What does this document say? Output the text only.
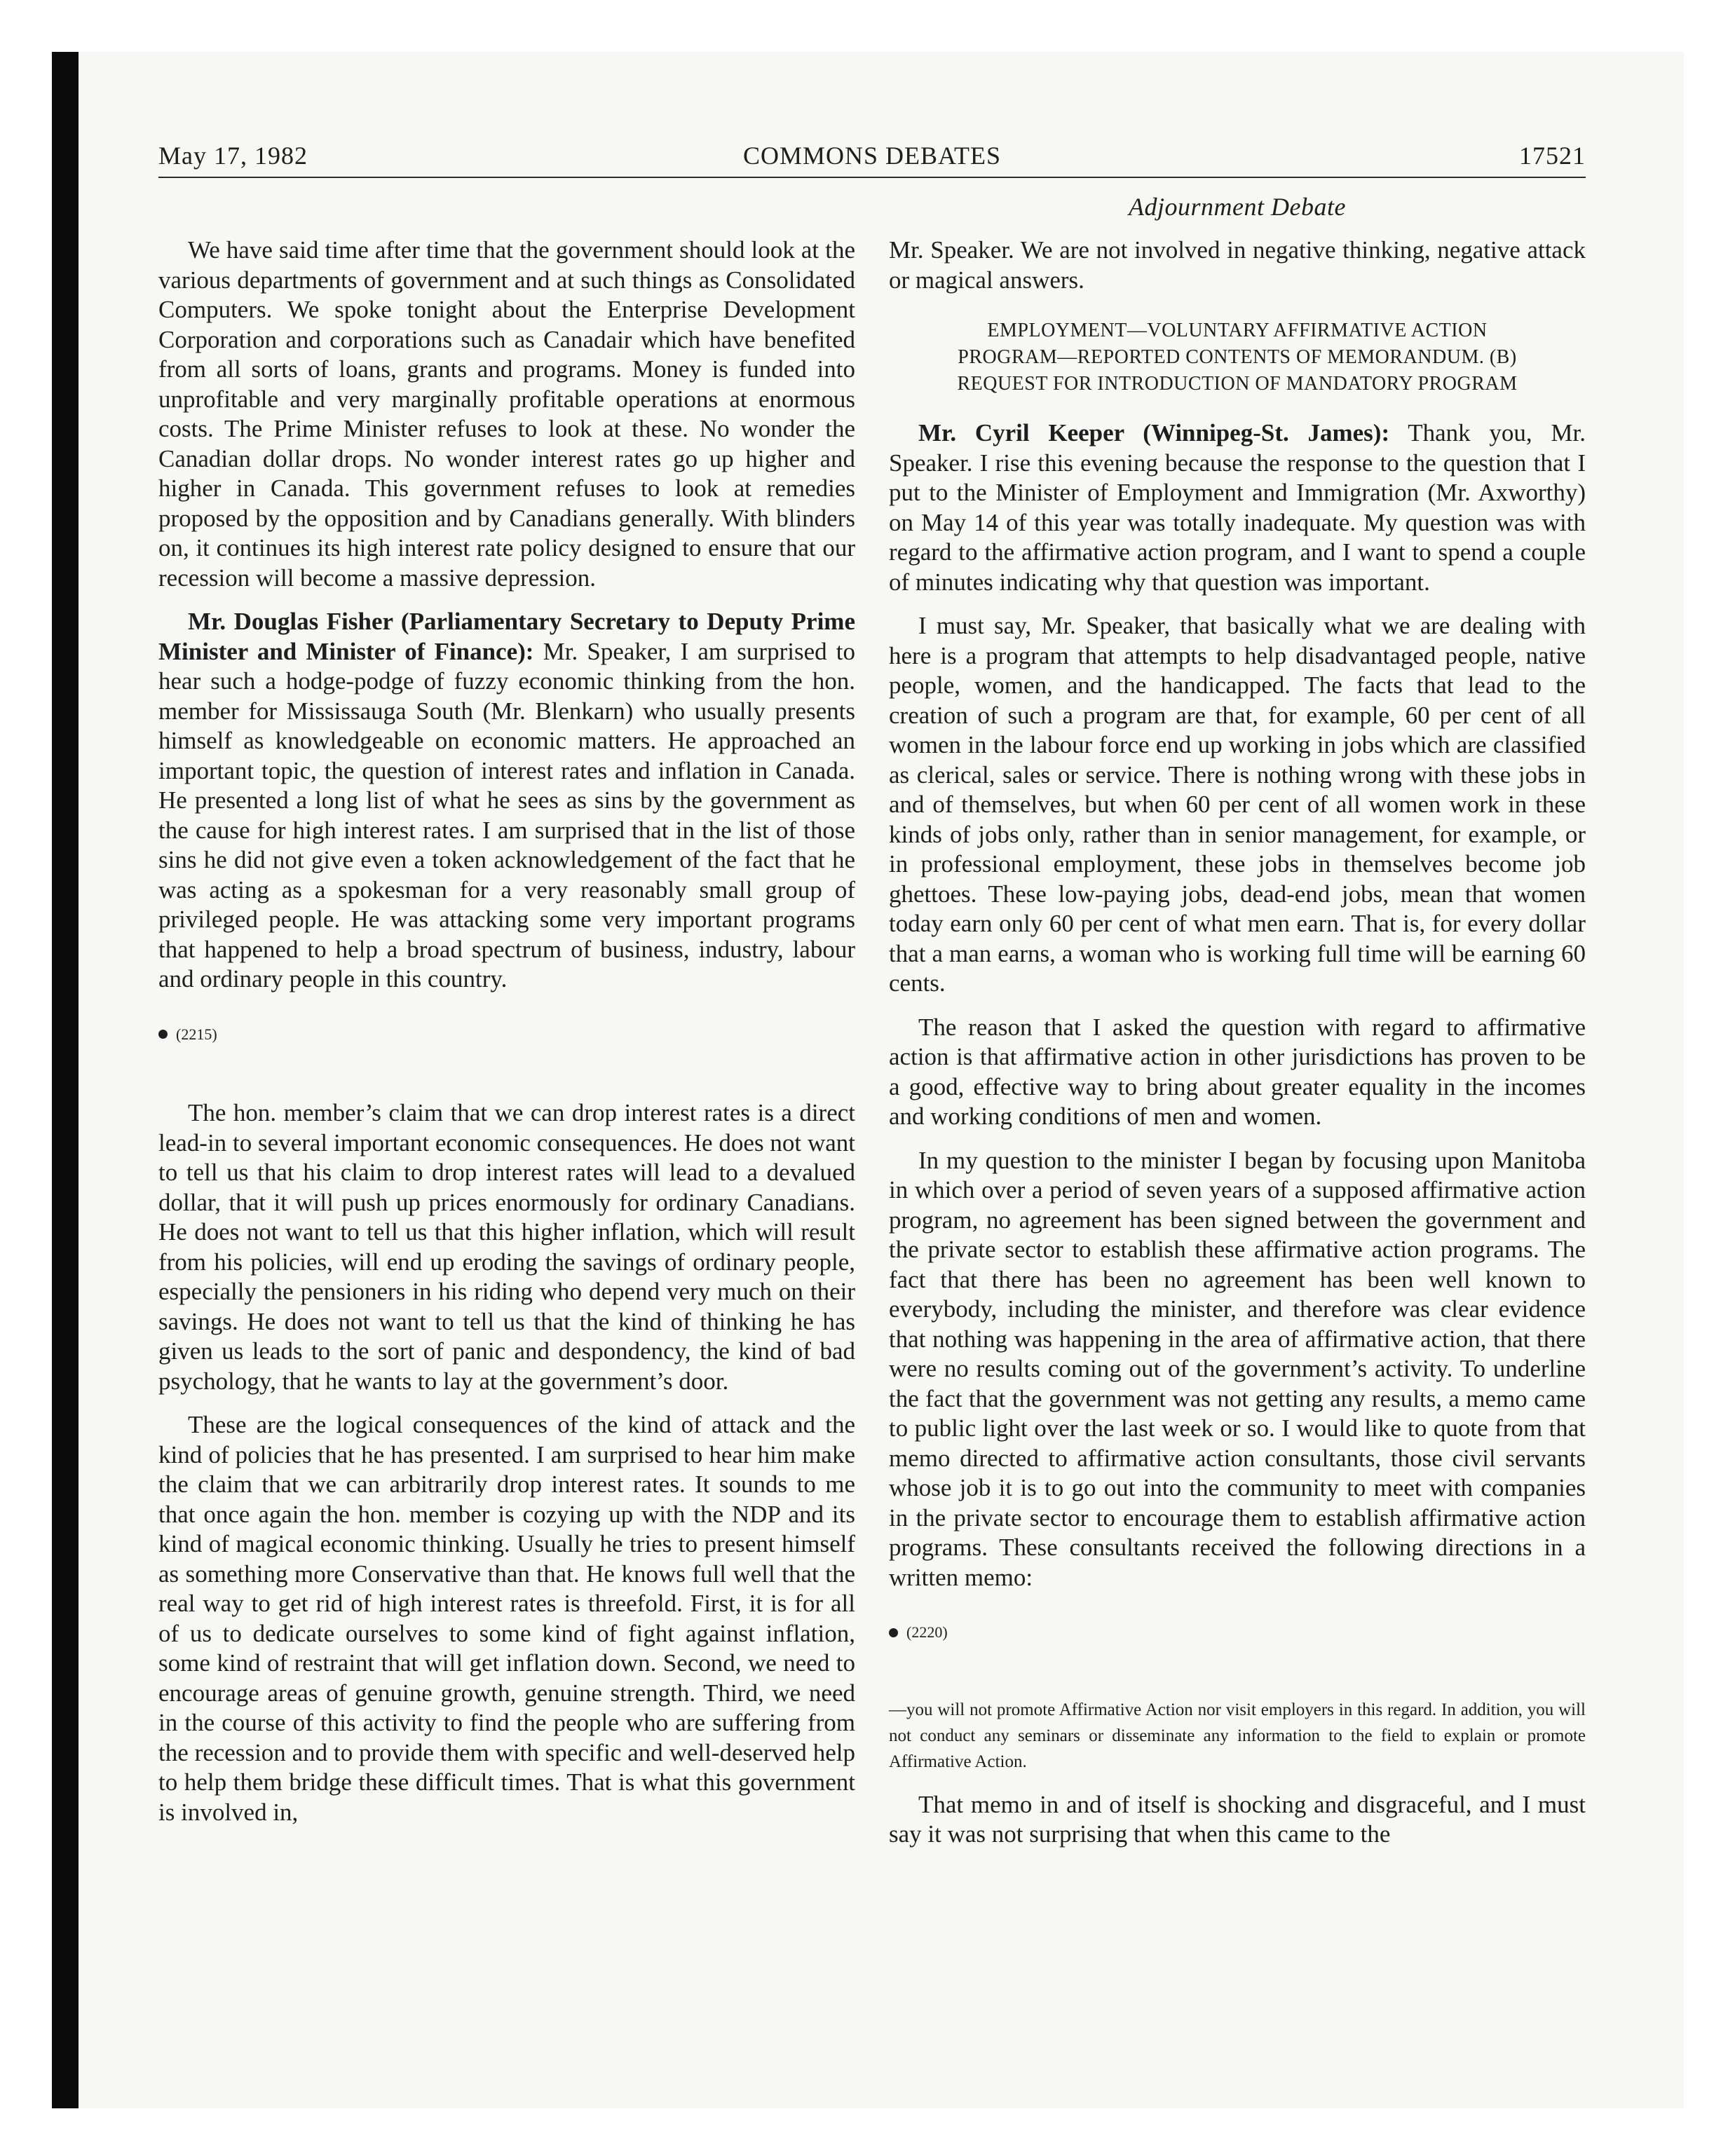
May 17, 1982	COMMONS DEBATES	17521
Adjournment Debate

We have said time after time that the government should look at the various departments of government and at such things as Consolidated Computers. We spoke tonight about the Enterprise Development Corporation and corporations such as Canadair which have benefited from all sorts of loans, grants and programs. Money is funded into unprofitable and very marginally profitable operations at enormous costs. The Prime Minister refuses to look at these. No wonder the Canadian dollar drops. No wonder interest rates go up higher and higher in Canada. This government refuses to look at remedies proposed by the opposition and by Canadians generally. With blinders on, it continues its high interest rate policy designed to ensure that our recession will become a massive depression.

Mr. Douglas Fisher (Parliamentary Secretary to Deputy Prime Minister and Minister of Finance): Mr. Speaker, I am surprised to hear such a hodge-podge of fuzzy economic thinking from the hon. member for Mississauga South (Mr. Blenkarn) who usually presents himself as knowledgeable on economic matters. He approached an important topic, the question of interest rates and inflation in Canada. He presented a long list of what he sees as sins by the government as the cause for high interest rates. I am surprised that in the list of those sins he did not give even a token acknowledgement of the fact that he was acting as a spokesman for a very reasonably small group of privileged people. He was attacking some very important programs that happened to help a broad spectrum of business, industry, labour and ordinary people in this country.

(2215)

The hon. member’s claim that we can drop interest rates is a direct lead-in to several important economic consequences. He does not want to tell us that his claim to drop interest rates will lead to a devalued dollar, that it will push up prices enormously for ordinary Canadians. He does not want to tell us that this higher inflation, which will result from his policies, will end up eroding the savings of ordinary people, especially the pensioners in his riding who depend very much on their savings. He does not want to tell us that the kind of thinking he has given us leads to the sort of panic and despondency, the kind of bad psychology, that he wants to lay at the government’s door.

These are the logical consequences of the kind of attack and the kind of policies that he has presented. I am surprised to hear him make the claim that we can arbitrarily drop interest rates. It sounds to me that once again the hon. member is cozying up with the NDP and its kind of magical economic thinking. Usually he tries to present himself as something more Conservative than that. He knows full well that the real way to get rid of high interest rates is threefold. First, it is for all of us to dedicate ourselves to some kind of fight against inflation, some kind of restraint that will get inflation down. Second, we need to encourage areas of genuine growth, genuine strength. Third, we need in the course of this activity to find the people who are suffering from the recession and to provide them with specific and well-deserved help to help them bridge these difficult times. That is what this government is involved in,

Mr. Speaker. We are not involved in negative thinking, negative attack or magical answers.

EMPLOYMENT—VOLUNTARY AFFIRMATIVE ACTION
PROGRAM—REPORTED CONTENTS OF MEMORANDUM. (B)
REQUEST FOR INTRODUCTION OF MANDATORY PROGRAM

Mr. Cyril Keeper (Winnipeg-St. James): Thank you, Mr. Speaker. I rise this evening because the response to the question that I put to the Minister of Employment and Immigration (Mr. Axworthy) on May 14 of this year was totally inadequate. My question was with regard to the affirmative action program, and I want to spend a couple of minutes indicating why that question was important.

I must say, Mr. Speaker, that basically what we are dealing with here is a program that attempts to help disadvantaged people, native people, women, and the handicapped. The facts that lead to the creation of such a program are that, for example, 60 per cent of all women in the labour force end up working in jobs which are classified as clerical, sales or service. There is nothing wrong with these jobs in and of themselves, but when 60 per cent of all women work in these kinds of jobs only, rather than in senior management, for example, or in professional employment, these jobs in themselves become job ghettoes. These low-paying jobs, dead-end jobs, mean that women today earn only 60 per cent of what men earn. That is, for every dollar that a man earns, a woman who is working full time will be earning 60 cents.

The reason that I asked the question with regard to affirmative action is that affirmative action in other jurisdictions has proven to be a good, effective way to bring about greater equality in the incomes and working conditions of men and women.

In my question to the minister I began by focusing upon Manitoba in which over a period of seven years of a supposed affirmative action program, no agreement has been signed between the government and the private sector to establish these affirmative action programs. The fact that there has been no agreement has been well known to everybody, including the minister, and therefore was clear evidence that nothing was happening in the area of affirmative action, that there were no results coming out of the government’s activity. To underline the fact that the government was not getting any results, a memo came to public light over the last week or so. I would like to quote from that memo directed to affirmative action consultants, those civil servants whose job it is to go out into the community to meet with companies in the private sector to encourage them to establish affirmative action programs. These consultants received the following directions in a written memo:

(2220)
—you will not promote Affirmative Action nor visit employers in this regard. In addition, you will not conduct any seminars or disseminate any information to the field to explain or promote Affirmative Action.

That memo in and of itself is shocking and disgraceful, and I must say it was not surprising that when this came to the
